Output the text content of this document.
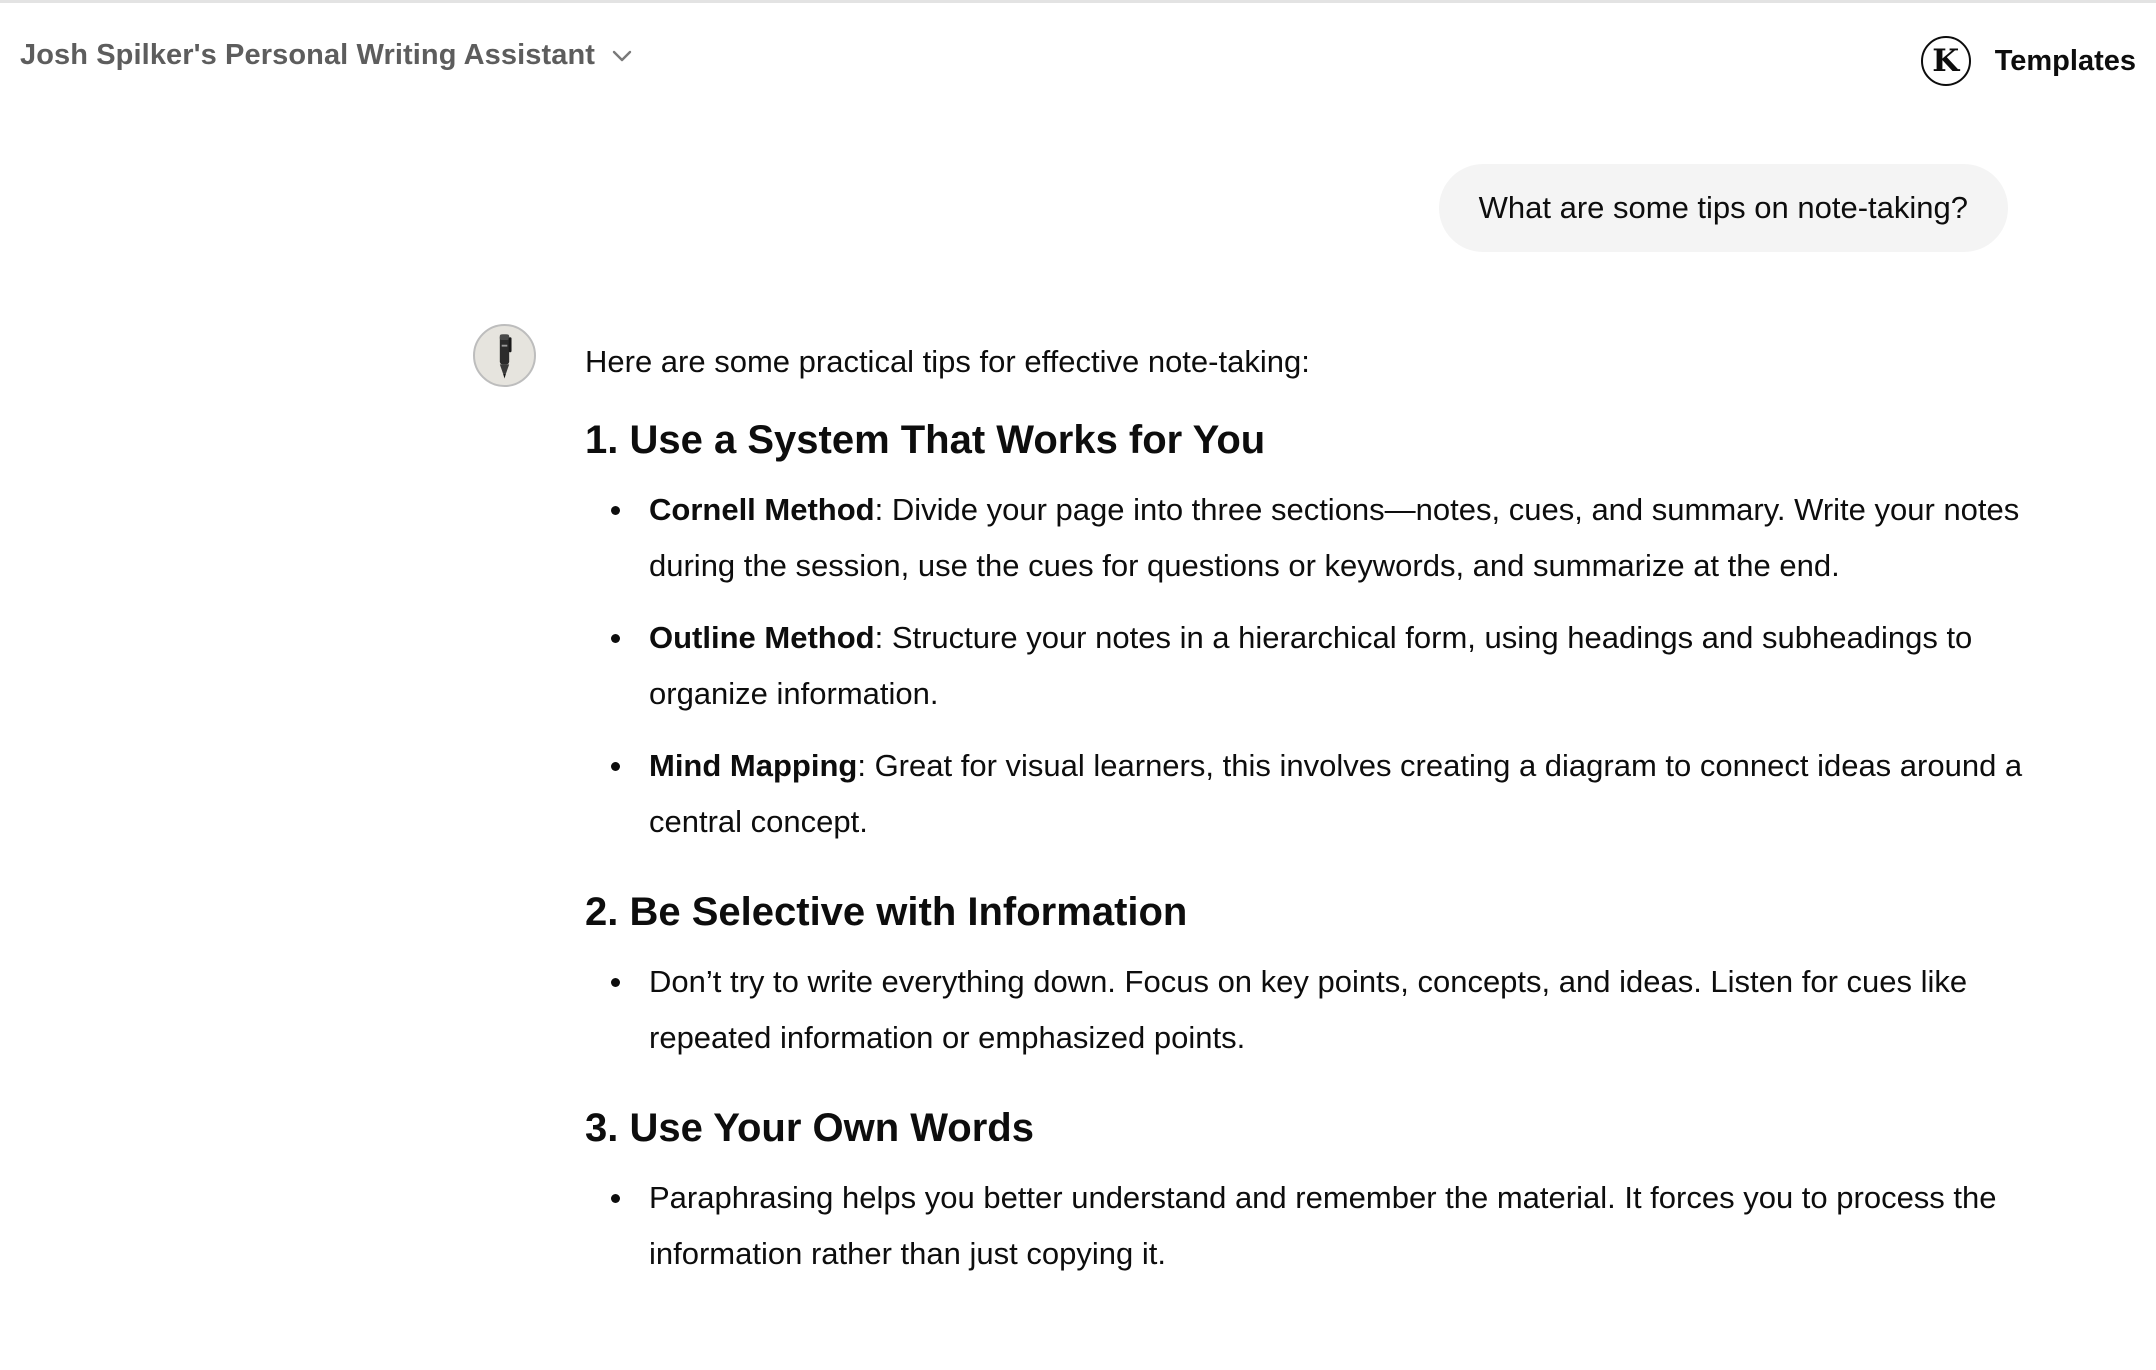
Josh Spilker's Personal Writing Assistant	K Templates
What are some tips on note-taking?

Here are some practical tips for effective note-taking:

1. Use a System That Works for You
Cornell Method: Divide your page into three sections—notes, cues, and summary. Write your notes during the session, use the cues for questions or keywords, and summarize at the end.
Outline Method: Structure your notes in a hierarchical form, using headings and subheadings to organize information.
Mind Mapping: Great for visual learners, this involves creating a diagram to connect ideas around a central concept.
2. Be Selective with Information
Don’t try to write everything down. Focus on key points, concepts, and ideas. Listen for cues like repeated information or emphasized points.
3. Use Your Own Words
Paraphrasing helps you better understand and remember the material. It forces you to process the information rather than just copying it.
